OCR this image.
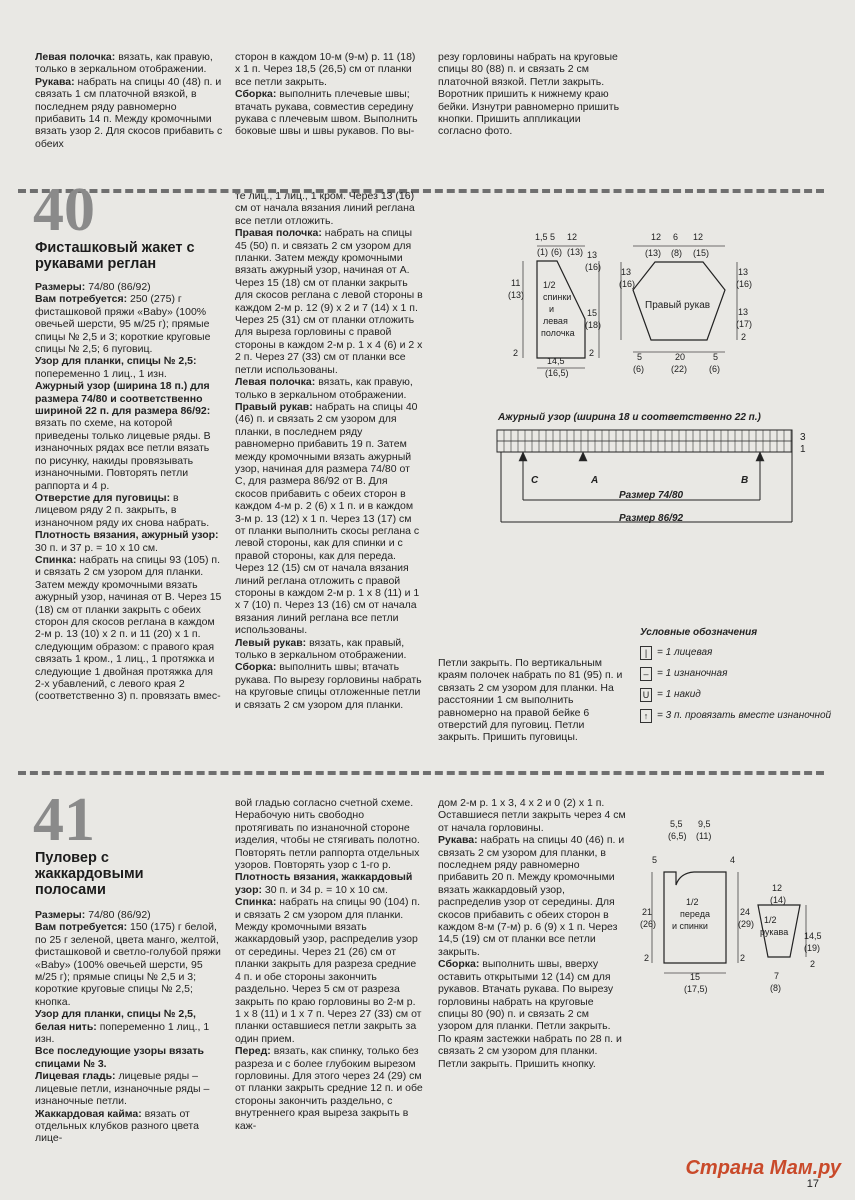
Левая полочка: вязать, как правую, только в зеркальном отображении.

Рукава: набрать на спицы 40 (48) п. и связать 1 см платочной вязкой, в последнем ряду равномерно прибавить 14 п. Между кромочными вязать узор 2. Для скосов прибавить с обеих

сторон в каждом 10-м (9-м) р. 11 (18) х 1 п. Через 18,5 (26,5) см от планки все петли закрыть.

Сборка: выполнить плечевые швы; втачать рукава, совместив середину рукава с плечевым швом. Выполнить боковые швы и швы рукавов. По вы-

резу горловины набрать на круговые спицы 80 (88) п. и связать 2 см платочной вязкой. Петли закрыть. Воротник пришить к нижнему краю бейки. Изнутри равномерно пришить кнопки. Пришить аппликации согласно фото.

40
Фисташковый жакет с рукавами реглан

Размеры: 74/80 (86/92)

Вам потребуется: 250 (275) г фисташковой пряжи «Baby» (100% овечьей шерсти, 95 м/25 г); прямые спицы № 2,5 и 3; короткие круговые спицы № 2,5; 6 пуговиц.

Узор для планки, спицы № 2,5: попеременно 1 лиц., 1 изн.

Ажурный узор (ширина 18 п.) для размера 74/80 и соответственно шириной 22 п. для размера 86/92: вязать по схеме, на которой приведены только лицевые ряды. В изнаночных рядах все петли вязать по рисунку, накиды провязывать изнаночными. Повторять петли раппорта и 4 р.

Отверстие для пуговицы: в лицевом ряду 2 п. закрыть, в изнаночном ряду их снова набрать.

Плотность вязания, ажурный узор: 30 п. и 37 р. = 10 х 10 см.

Спинка: набрать на спицы 93 (105) п. и связать 2 см узором для планки. Затем между кромочными вязать ажурный узор, начиная от В. Через 15 (18) см от планки закрыть с обеих сторон для скосов реглана в каждом 2-м р. 13 (10) х 2 п. и 11 (20) х 1 п. следующим образом: с правого края связать 1 кром., 1 лиц., 1 протяжка и следующие 1 двойная протяжка для 2-х убавлений, с левого края 2 (соответственно 3) п. провязать вмес-

те лиц., 1 лиц., 1 кром. Через 13 (16) см от начала вязания линий реглана все петли отложить.

Правая полочка: набрать на спицы 45 (50) п. и связать 2 см узором для планки. Затем между кромочными вязать ажурный узор, начиная от А. Через 15 (18) см от планки закрыть для скосов реглана с левой стороны в каждом 2-м р. 12 (9) х 2 и 7 (14) х 1 п. Через 25 (31) см от планки отложить для выреза горловины с правой стороны в каждом 2-м р. 1 х 4 (6) и 2 х 2 п. Через 27 (33) см от планки все петли использованы.

Левая полочка: вязать, как правую, только в зеркальном отображении.

Правый рукав: набрать на спицы 40 (46) п. и связать 2 см узором для планки, в последнем ряду равномерно прибавить 19 п. Затем между кромочными вязать ажурный узор, начиная для размера 74/80 от С, для размера 86/92 от В. Для скосов прибавить с обеих сторон в каждом 4-м р. 2 (6) х 1 п. и в каждом 3-м р. 13 (12) х 1 п. Через 13 (17) см от планки выполнить скосы реглана с левой стороны, как для спинки и с правой стороны, как для переда. Через 12 (15) см от начала вязания линий реглана отложить с правой стороны в каждом 2-м р. 1 х 8 (11) и 1 х 7 (10) п. Через 13 (16) см от начала вязания линий реглана все петли использованы.

Левый рукав: вязать, как правый, только в зеркальном отображении.

Сборка: выполнить швы; втачать рукава. По вырезу горловины набрать на круговые спицы отложенные петли и связать 2 см узором для планки.

Петли закрыть. По вертикальным краям полочек набрать по 81 (95) п. и связать 2 см узором для планки. На расстоянии 1 см выполнить равномерно на правой бейке 6 отверстий для пуговиц. Петли закрыть. Пришить пуговицы.

1,5 5 12
(1) (6) (13)
11
(13)
2
13
(16)
15
(18)
2
14,5
(16,5)
1/2
спинки
и
левая
полочка
12 6 12
(13) (8) (15)
13
(16)
13
(16)
13
(17)
2
5
(6)
20
(22)
5
(6)
Правый рукав
Ажурный узор (ширина 18 и соответственно 22 п.)
3
1
C	A	B
Размер 74/80
Размер 86/92
Условные обозначения
| = 1 лицевая
– = 1 изнаночная
U = 1 накид
↑ = 3 п. провязать вместе изнаночной
41
Пуловер с жаккардовыми полосами

Размеры: 74/80 (86/92)

Вам потребуется: 150 (175) г белой, по 25 г зеленой, цвета манго, желтой, фисташковой и светло-голубой пряжи «Baby» (100% овечьей шерсти, 95 м/25 г); прямые спицы № 2,5 и 3; короткие круговые спицы № 2,5; кнопка.

Узор для планки, спицы № 2,5, белая нить: попеременно 1 лиц., 1 изн.

Все последующие узоры вязать спицами № 3.

Лицевая гладь: лицевые ряды – лицевые петли, изнаночные ряды – изнаночные петли.

Жаккардовая кайма: вязать от отдельных клубков разного цвета лице-

вой гладью согласно счетной схеме. Нерабочую нить свободно протягивать по изнаночной стороне изделия, чтобы не стягивать полотно. Повторять петли раппорта отдельных узоров. Повторять узор с 1-го р.

Плотность вязания, жаккардовый узор: 30 п. и 34 р. = 10 х 10 см.

Спинка: набрать на спицы 90 (104) п. и связать 2 см узором для планки. Между кромочными вязать жаккардовый узор, распределив узор от середины. Через 21 (26) см от планки закрыть для разреза средние 4 п. и обе стороны закончить раздельно. Через 5 см от разреза закрыть по краю горловины во 2-м р. 1 х 8 (11) и 1 х 7 п. Через 27 (33) см от планки оставшиеся петли закрыть за один прием.

Перед: вязать, как спинку, только без разреза и с более глубоким вырезом горловины. Для этого через 24 (29) см от планки закрыть средние 12 п. и обе стороны закончить раздельно, с внутреннего края выреза закрыть в каж-

дом 2-м р. 1 х 3, 4 х 2 и 0 (2) х 1 п. Оставшиеся петли закрыть через 4 см от начала горловины.

Рукава: набрать на спицы 40 (46) п. и связать 2 см узором для планки, в последнем ряду равномерно прибавить 20 п. Между кромочными вязать жаккардовый узор, распределив узор от середины. Для скосов прибавить с обеих сторон в каждом 8-м (7-м) р. 6 (9) х 1 п. Через 14,5 (19) см от планки все петли закрыть.

Сборка: выполнить швы, вверху оставить открытыми 12 (14) см для рукавов. Втачать рукава. По вырезу горловины набрать на круговые спицы 80 (90) п. и связать 2 см узором для планки. Петли закрыть. По краям застежки набрать по 28 п. и связать 2 см узором для планки. Петли закрыть. Пришить кнопку.

5,5
(6,5)
9,5
(11)
5	4
21
(26)
2
24
(29)
2
15
(17,5)
1/2
переда
и спинки
12
(14)
14,5
(19)
2
7
(8)
1/2
рукава
17
Страна Мам.ру
